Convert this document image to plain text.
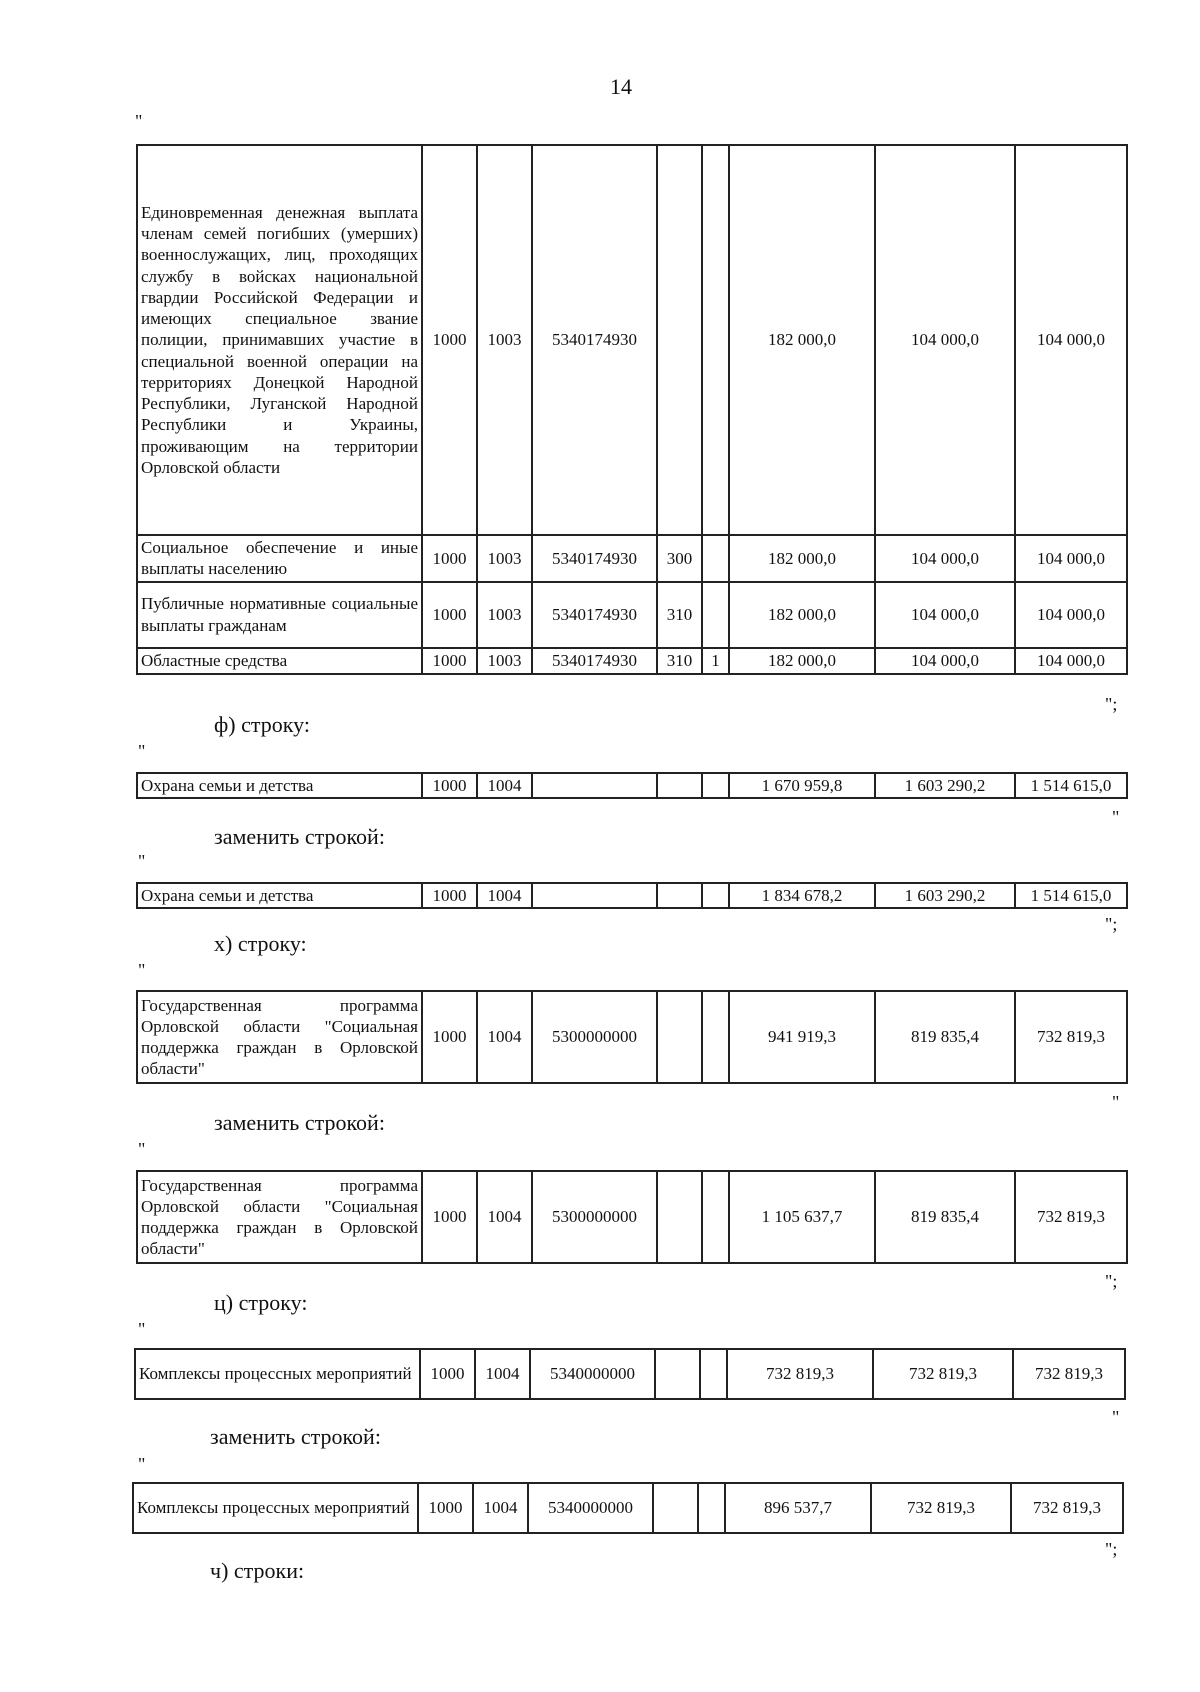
14
"
Единовременная денежная выплата членам семей погибших (умерших) военнослужащих, лиц, проходящих службу в войсках национальной гвардии Российской Федерации и имеющих специальное звание полиции, принимавших участие в специальной военной операции на территориях Донецкой Народной Республики, Луганской Народной Республики и Украины, проживающим на территории Орловской области	1000	1003	5340174930			182 000,0	104 000,0	104 000,0
Социальное обеспечение и иные выплаты населению	1000	1003	5340174930	300		182 000,0	104 000,0	104 000,0
Публичные нормативные социальные выплаты гражданам	1000	1003	5340174930	310		182 000,0	104 000,0	104 000,0
Областные средства	1000	1003	5340174930	310	1	182 000,0	104 000,0	104 000,0
";
ф) строку:
"
Охрана семьи и детства	1000	1004				1 670 959,8	1 603 290,2	1 514 615,0
"
заменить строкой:
"
Охрана семьи и детства	1000	1004				1 834 678,2	1 603 290,2	1 514 615,0
";
х) строку:
"
Государственная программа Орловской области "Социальная поддержка граждан в Орловской области"	1000	1004	5300000000			941 919,3	819 835,4	732 819,3
"
заменить строкой:
"
Государственная программа Орловской области "Социальная поддержка граждан в Орловской области"	1000	1004	5300000000			1 105 637,7	819 835,4	732 819,3
";
ц) строку:
"
Комплексы процессных мероприятий	1000	1004	5340000000			732 819,3	732 819,3	732 819,3
"
заменить строкой:
"
Комплексы процессных мероприятий	1000	1004	5340000000			896 537,7	732 819,3	732 819,3
";
ч) строки:
